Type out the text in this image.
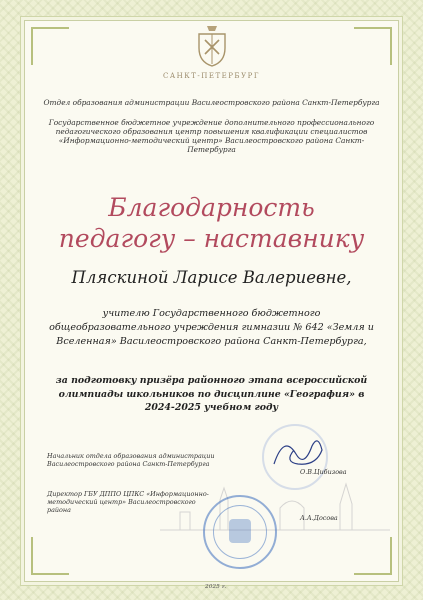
САНКТ-ПЕТЕРБУРГ
Отдел образования администрации Василеостровского района Санкт-Петербурга
Государственное бюджетное учреждение дополнительного профессионального педагогического образования центр повышения квалификации специалистов «Информационно-методический центр» Василеостровского района Санкт-Петербурга
Благодарность
педагогу – наставнику
Пляскиной Ларисе Валериевне,
учителю Государственного бюджетного общеобразовательного учреждения гимназии № 642 «Земля и Вселенная» Василеостровского района Санкт-Петербурга,
за подготовку призёра районного этапа всероссийской олимпиады школьников по дисциплине «География» в 2024-2025 учебном году
Начальник отдела образования администрации Василеостровского района Санкт-Петербурга
О.В.Цибизова
Директор ГБУ ДППО ЦПКС «Информационно-методический центр» Василеостровского района
А.А.Досова
2025 г.
